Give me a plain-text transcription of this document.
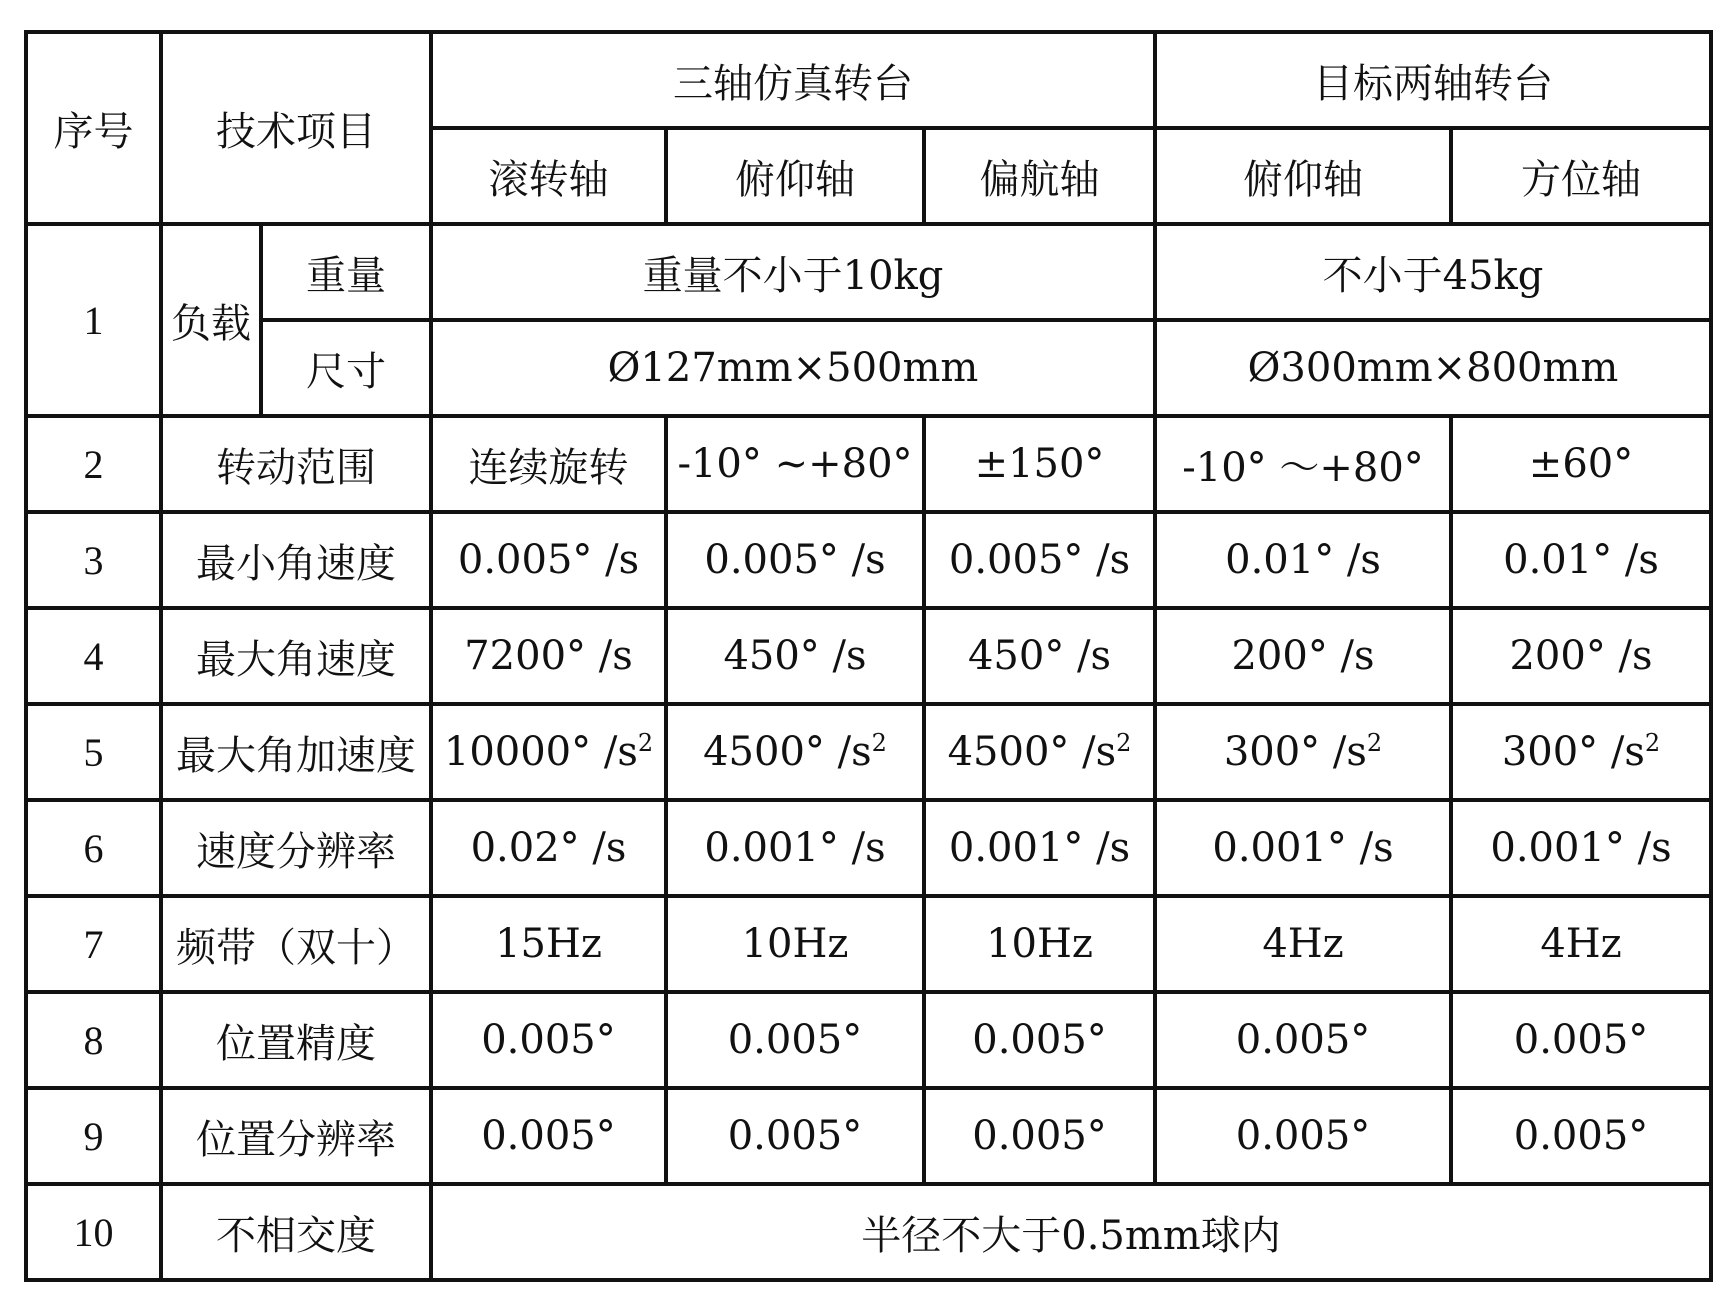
序号	技术项目		三轴仿真转台			目标两轴转台	
			滚转轴	俯仰轴	偏航轴	俯仰轴	方位轴
1	负载	重量	重量不小于10kg			不小于45kg	
		尺寸	Ø127mm×500mm			Ø300mm×800mm	
2	转动范围		连续旋转	-10° ~+80°	±150°	-10° ～+80°	±60°
3	最小角速度		0.005° /s	0.005° /s	0.005° /s	0.01° /s	0.01° /s
4	最大角速度		7200° /s	450° /s	450° /s	200° /s	200° /s
5	最大角加速度		10000° $/s^2$	4500° $/s^2$	4500° $/s^2$	300° $/s^2$	300° $/s^2$
6	速度分辨率		0.02° /s	0.001° /s	0.001° /s	0.001° /s	0.001° /s
7	频带（双十）		15Hz	10Hz	10Hz	4Hz	4Hz
8	位置精度		0.005°	0.005°	0.005°	0.005°	0.005°
9	位置分辨率		0.005°	0.005°	0.005°	0.005°	0.005°
10	不相交度		半径不大于0.5mm球内				
